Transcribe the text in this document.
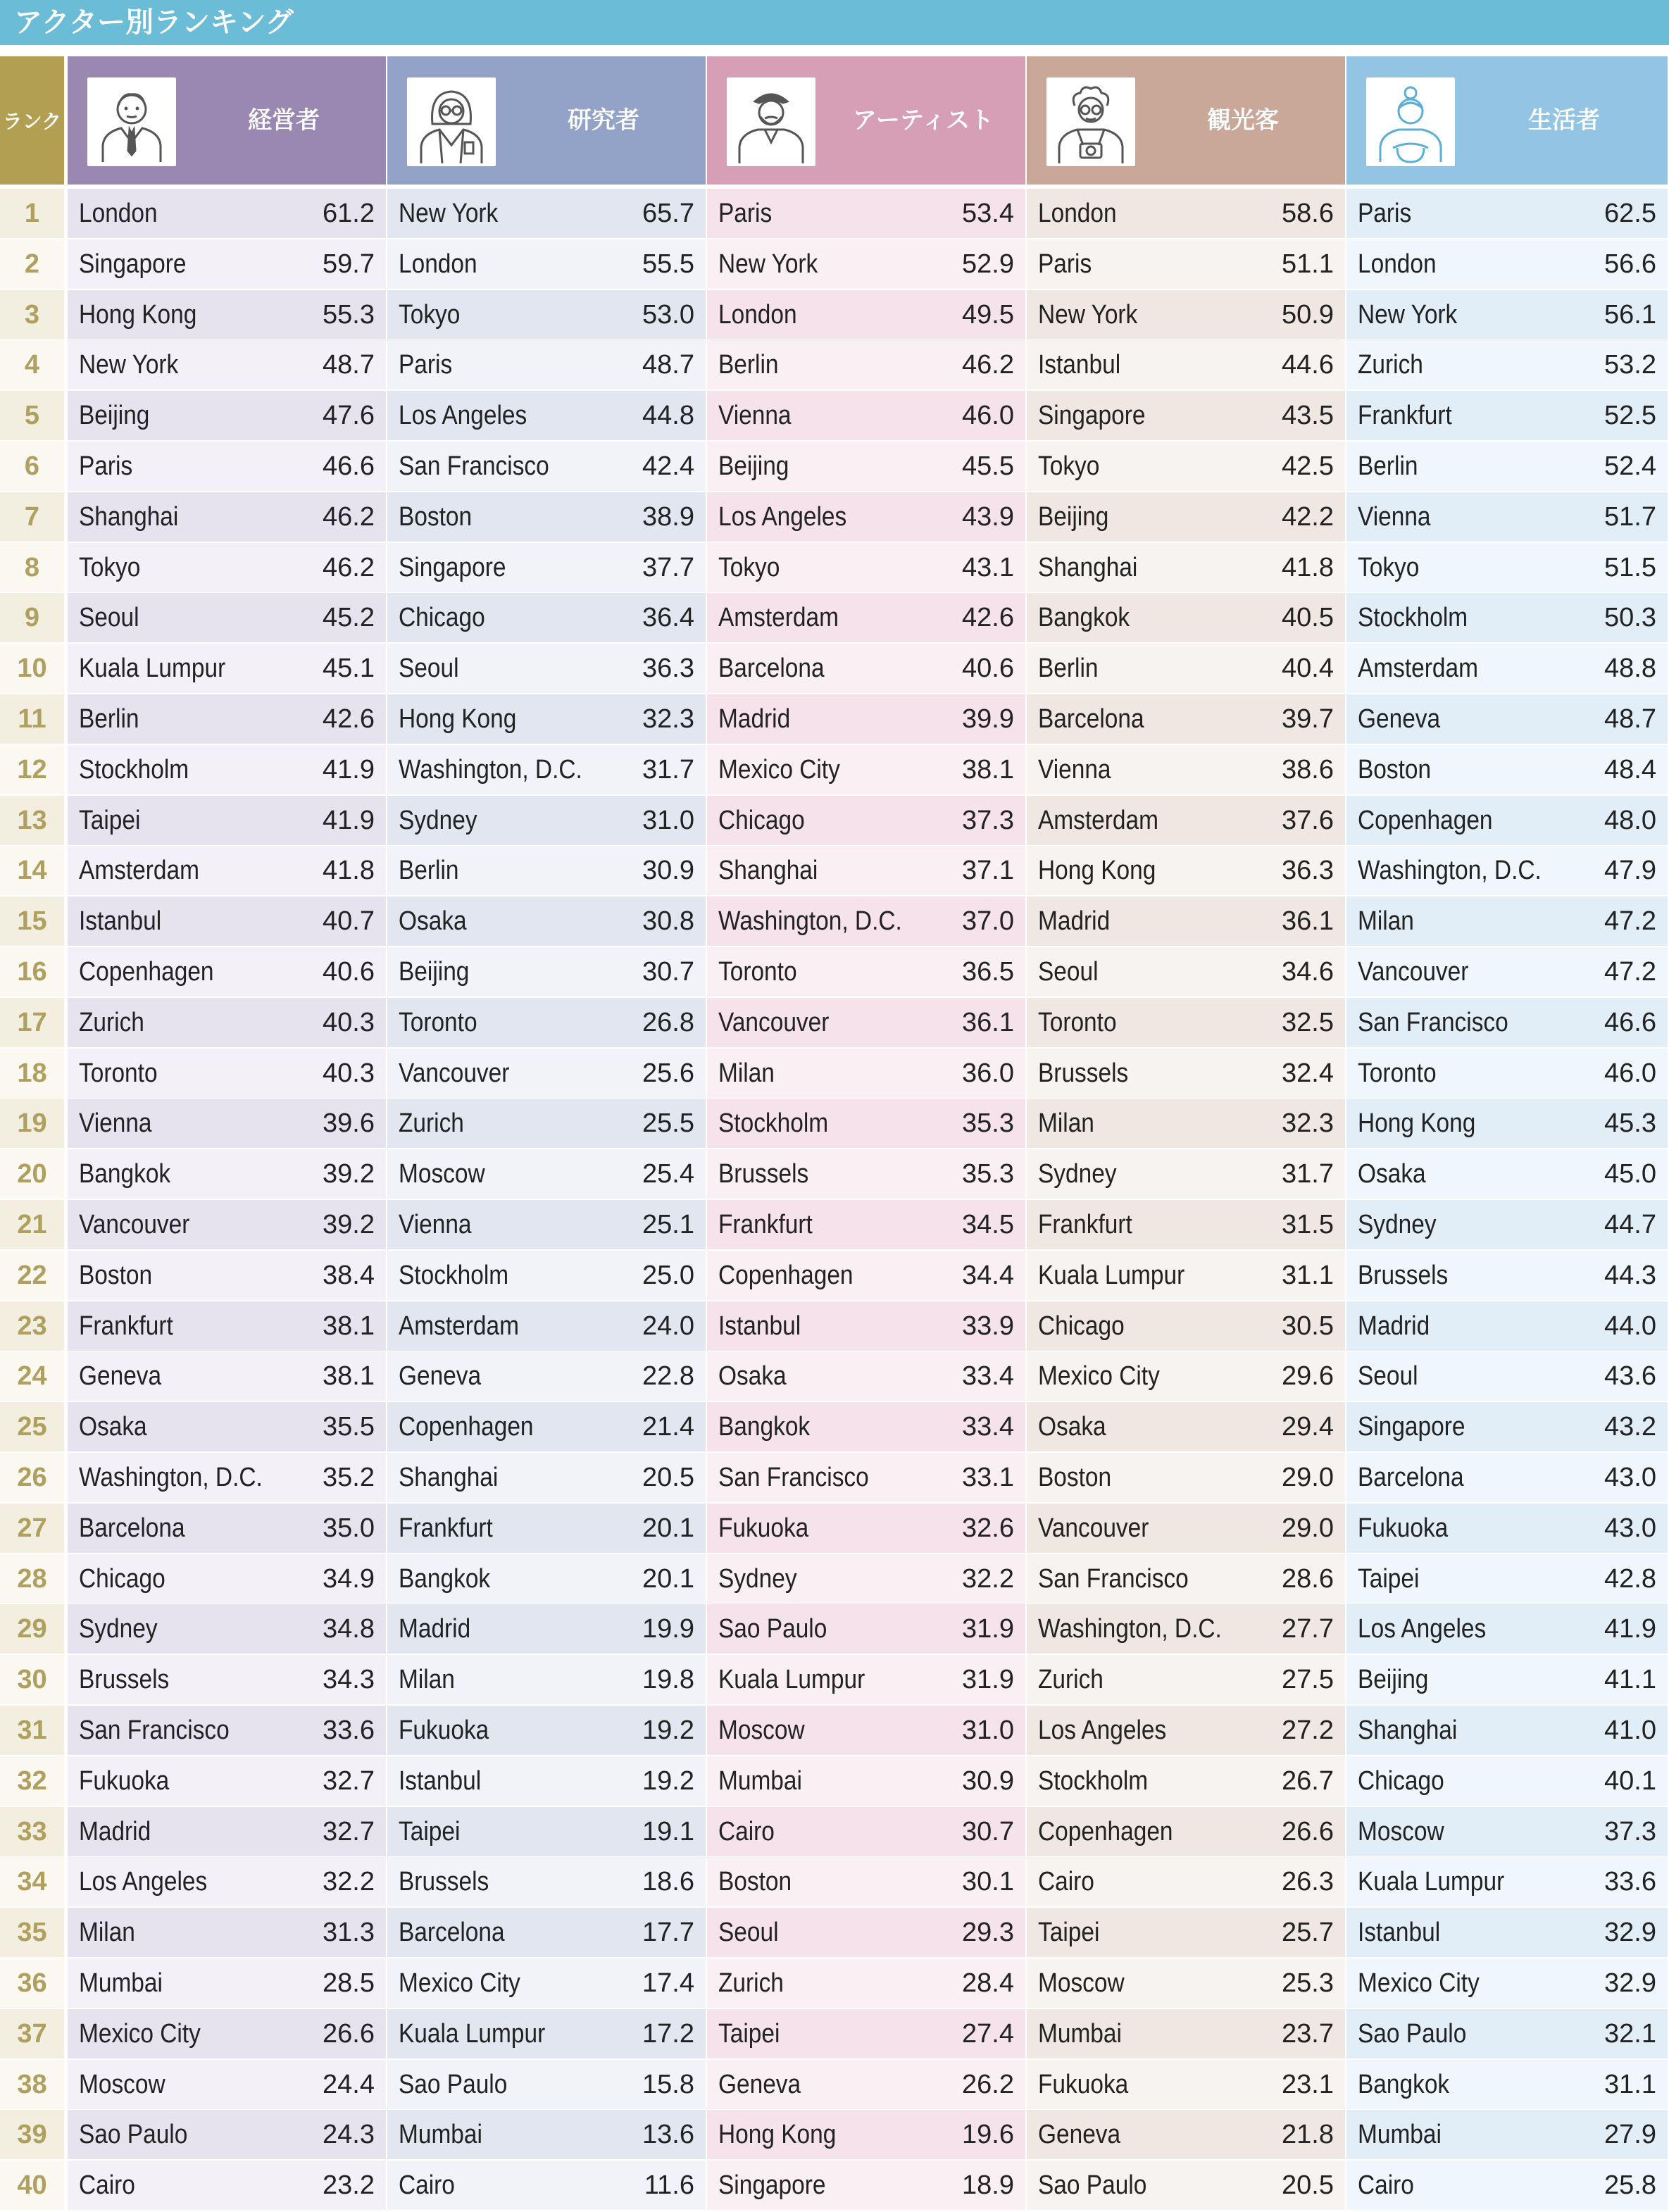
アクター別ランキング
ランク	経営者	研究者	アーティスト	観光客	生活者
1	London	61.2 New York	65.7 Paris	53.4 London	58.6 Paris	62.5
2	Singapore	59.7 London	55.5 New York	52.9 Paris	51.1 London	56.6
3	Hong Kong	55.3 Tokyo	53.0 London	49.5 New York	50.9 New York	56.1
4	New York	48.7 Paris	48.7 Berlin	46.2 Istanbul	44.6 Zurich	53.2
5	Beijing	47.6 Los Angeles	44.8 Vienna	46.0 Singapore	43.5 Frankfurt	52.5
6	Paris	46.6 San Francisco	42.4 Beijing	45.5 Tokyo	42.5 Berlin	52.4
7	Shanghai	46.2 Boston	38.9 Los Angeles	43.9 Beijing	42.2 Vienna	51.7
8	Tokyo	46.2 Singapore	37.7 Tokyo	43.1 Shanghai	41.8 Tokyo	51.5
9	Seoul	45.2 Chicago	36.4 Amsterdam	42.6 Bangkok	40.5 Stockholm	50.3
10	Kuala Lumpur	45.1 Seoul	36.3 Barcelona	40.6 Berlin	40.4 Amsterdam	48.8
11	Berlin	42.6 Hong Kong	32.3 Madrid	39.9 Barcelona	39.7 Geneva	48.7
12	Stockholm	41.9 Washington, D.C. 31.7 Mexico City	38.1 Vienna	38.6 Boston	48.4
13	Taipei	41.9 Sydney	31.0 Chicago	37.3 Amsterdam	37.6 Copenhagen	48.0
14	Amsterdam	41.8 Berlin	30.9 Shanghai	37.1 Hong Kong	36.3 Washington, D.C. 47.9
15	Istanbul	40.7 Osaka	30.8 Washington, D.C. 37.0 Madrid	36.1 Milan	47.2
16	Copenhagen	40.6 Beijing	30.7 Toronto	36.5 Seoul	34.6 Vancouver	47.2
17	Zurich	40.3 Toronto	26.8 Vancouver	36.1 Toronto	32.5 San Francisco	46.6
18	Toronto	40.3 Vancouver	25.6 Milan	36.0 Brussels	32.4 Toronto	46.0
19	Vienna	39.6 Zurich	25.5 Stockholm	35.3 Milan	32.3 Hong Kong	45.3
20	Bangkok	39.2 Moscow	25.4 Brussels	35.3 Sydney	31.7 Osaka	45.0
21	Vancouver	39.2 Vienna	25.1 Frankfurt	34.5 Frankfurt	31.5 Sydney	44.7
22	Boston	38.4 Stockholm	25.0 Copenhagen	34.4 Kuala Lumpur	31.1 Brussels	44.3
23	Frankfurt	38.1 Amsterdam	24.0 Istanbul	33.9 Chicago	30.5 Madrid	44.0
24	Geneva	38.1 Geneva	22.8 Osaka	33.4 Mexico City	29.6 Seoul	43.6
25	Osaka	35.5 Copenhagen	21.4 Bangkok	33.4 Osaka	29.4 Singapore	43.2
26	Washington, D.C. 35.2 Shanghai	20.5 San Francisco	33.1 Boston	29.0 Barcelona	43.0
27	Barcelona	35.0 Frankfurt	20.1 Fukuoka	32.6 Vancouver	29.0 Fukuoka	43.0
28	Chicago	34.9 Bangkok	20.1 Sydney	32.2 San Francisco	28.6 Taipei	42.8
29	Sydney	34.8 Madrid	19.9 Sao Paulo	31.9 Washington, D.C. 27.7 Los Angeles	41.9
30	Brussels	34.3 Milan	19.8 Kuala Lumpur	31.9 Zurich	27.5 Beijing	41.1
31	San Francisco	33.6 Fukuoka	19.2 Moscow	31.0 Los Angeles	27.2 Shanghai	41.0
32	Fukuoka	32.7 Istanbul	19.2 Mumbai	30.9 Stockholm	26.7 Chicago	40.1
33	Madrid	32.7 Taipei	19.1 Cairo	30.7 Copenhagen	26.6 Moscow	37.3
34	Los Angeles	32.2 Brussels	18.6 Boston	30.1 Cairo	26.3 Kuala Lumpur	33.6
35	Milan	31.3 Barcelona	17.7 Seoul	29.3 Taipei	25.7 Istanbul	32.9
36	Mumbai	28.5 Mexico City	17.4 Zurich	28.4 Moscow	25.3 Mexico City	32.9
37	Mexico City	26.6 Kuala Lumpur	17.2 Taipei	27.4 Mumbai	23.7 Sao Paulo	32.1
38	Moscow	24.4 Sao Paulo	15.8 Geneva	26.2 Fukuoka	23.1 Bangkok	31.1
39	Sao Paulo	24.3 Mumbai	13.6 Hong Kong	19.6 Geneva	21.8 Mumbai	27.9
40	Cairo	23.2 Cairo	11.6 Singapore	18.9 Sao Paulo	20.5 Cairo	25.8
